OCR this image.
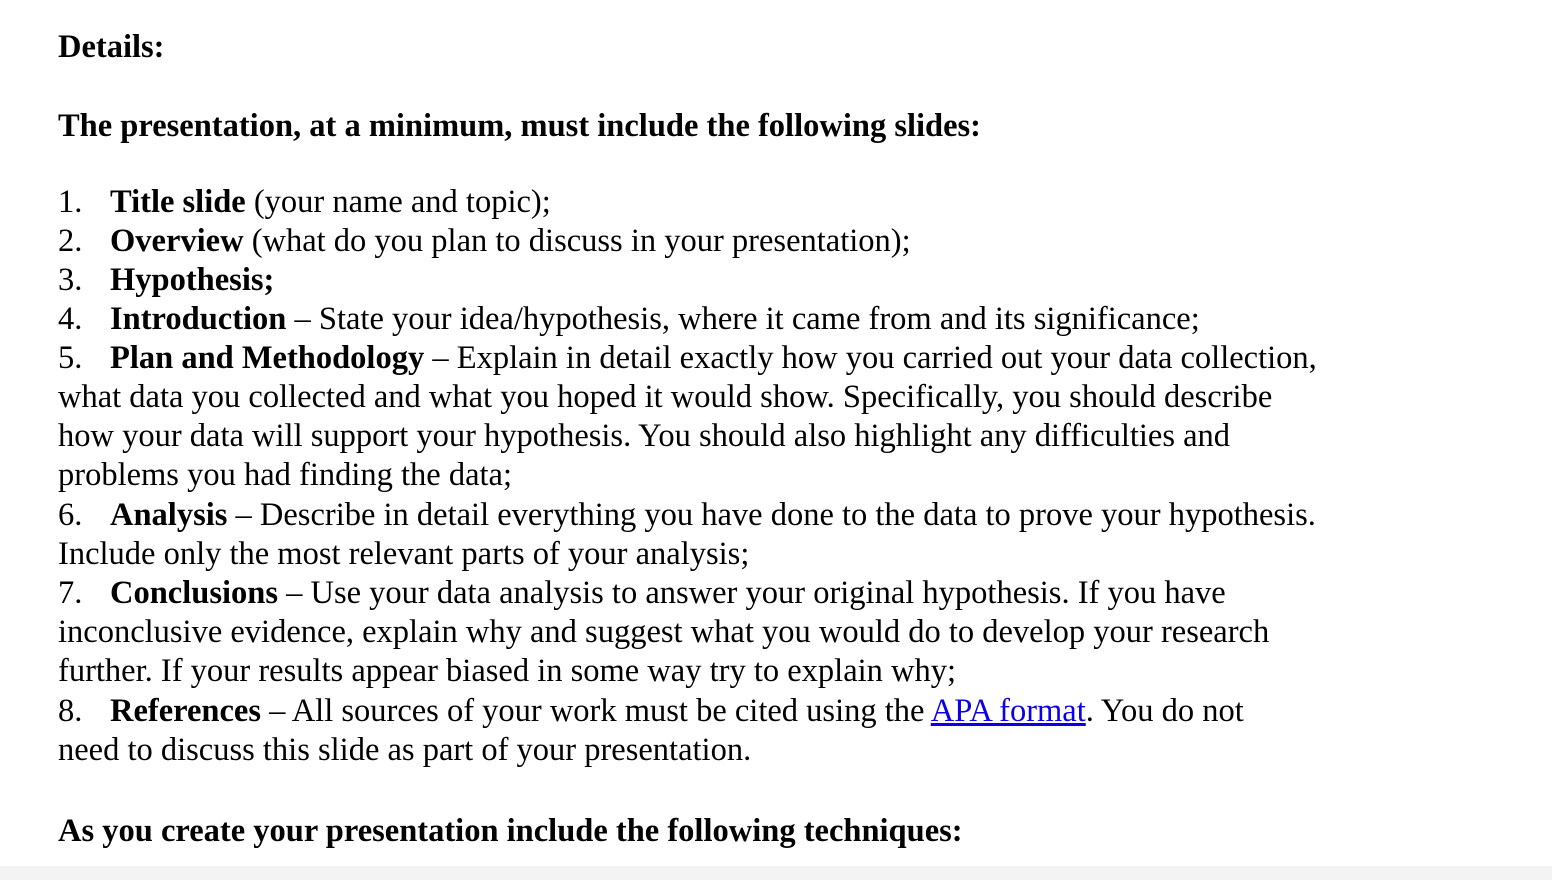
Details:
The presentation, at a minimum, must include the following slides:
1. Title slide (your name and topic);
2. Overview (what do you plan to discuss in your presentation);
3. Hypothesis;
4. Introduction – State your idea/hypothesis, where it came from and its significance;
5. Plan and Methodology – Explain in detail exactly how you carried out your data collection,
what data you collected and what you hoped it would show. Specifically, you should describe
how your data will support your hypothesis. You should also highlight any difficulties and
problems you had finding the data;
6. Analysis – Describe in detail everything you have done to the data to prove your hypothesis.
Include only the most relevant parts of your analysis;
7. Conclusions – Use your data analysis to answer your original hypothesis. If you have
inconclusive evidence, explain why and suggest what you would do to develop your research
further. If your results appear biased in some way try to explain why;
8. References – All sources of your work must be cited using the APA format. You do not
need to discuss this slide as part of your presentation.
As you create your presentation include the following techniques:
